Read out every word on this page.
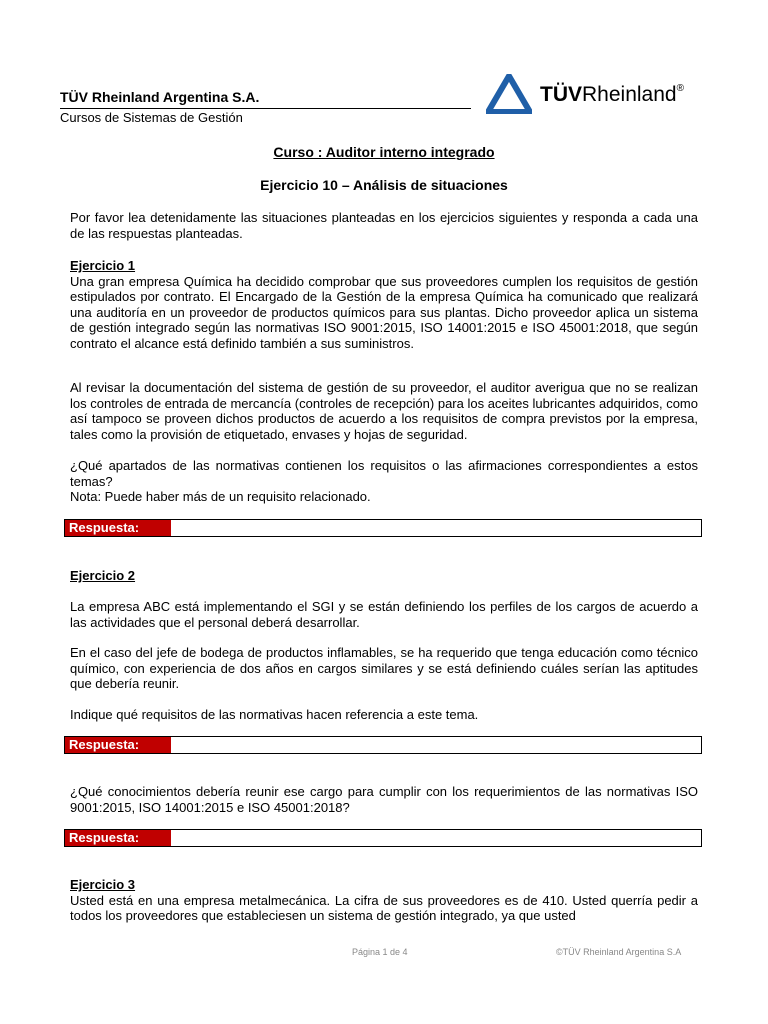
TÜV Rheinland Argentina S.A.
Cursos de Sistemas de Gestión
TÜVRheinland®
Curso : Auditor interno integrado
Ejercicio 10 – Análisis de situaciones
Por favor lea detenidamente las situaciones planteadas en los ejercicios siguientes y responda a cada una de las respuestas planteadas.
Ejercicio 1
Una gran empresa Química ha decidido comprobar que sus proveedores cumplen los requisitos de gestión estipulados por contrato. El Encargado de la Gestión de la empresa Química ha comunicado que realizará una auditoría en un proveedor de productos químicos para sus plantas. Dicho proveedor aplica un sistema de gestión integrado según las normativas ISO 9001:2015, ISO 14001:2015 e ISO 45001:2018, que según contrato el alcance está definido también a sus suministros.
Al revisar la documentación del sistema de gestión de su proveedor, el auditor averigua que no se realizan los controles de entrada de mercancía (controles de recepción) para los aceites lubricantes adquiridos, como así tampoco se proveen dichos productos de acuerdo a los requisitos de compra previstos por la empresa, tales como la provisión de etiquetado, envases y hojas de seguridad.
¿Qué apartados de las normativas contienen los requisitos o las afirmaciones correspondientes a estos temas?
Nota: Puede haber más de un requisito relacionado.
Respuesta:
Ejercicio 2
La empresa ABC está implementando el SGI y se están definiendo los perfiles de los cargos de acuerdo a las actividades que el personal deberá desarrollar.
En el caso del jefe de bodega de productos inflamables, se ha requerido que tenga educación como técnico químico, con experiencia de dos años en cargos similares y se está definiendo cuáles serían las aptitudes que debería reunir.
Indique qué requisitos de las normativas hacen referencia a este tema.
Respuesta:
¿Qué conocimientos debería reunir ese cargo para cumplir con los requerimientos de las normativas ISO 9001:2015, ISO 14001:2015 e ISO 45001:2018?
Respuesta:
Ejercicio 3
Usted está en una empresa metalmecánica. La cifra de sus proveedores es de 410. Usted querría pedir a todos los proveedores que estableciesen un sistema de gestión integrado, ya que usted
Página 1 de 4	©TÜV Rheinland Argentina S.A
